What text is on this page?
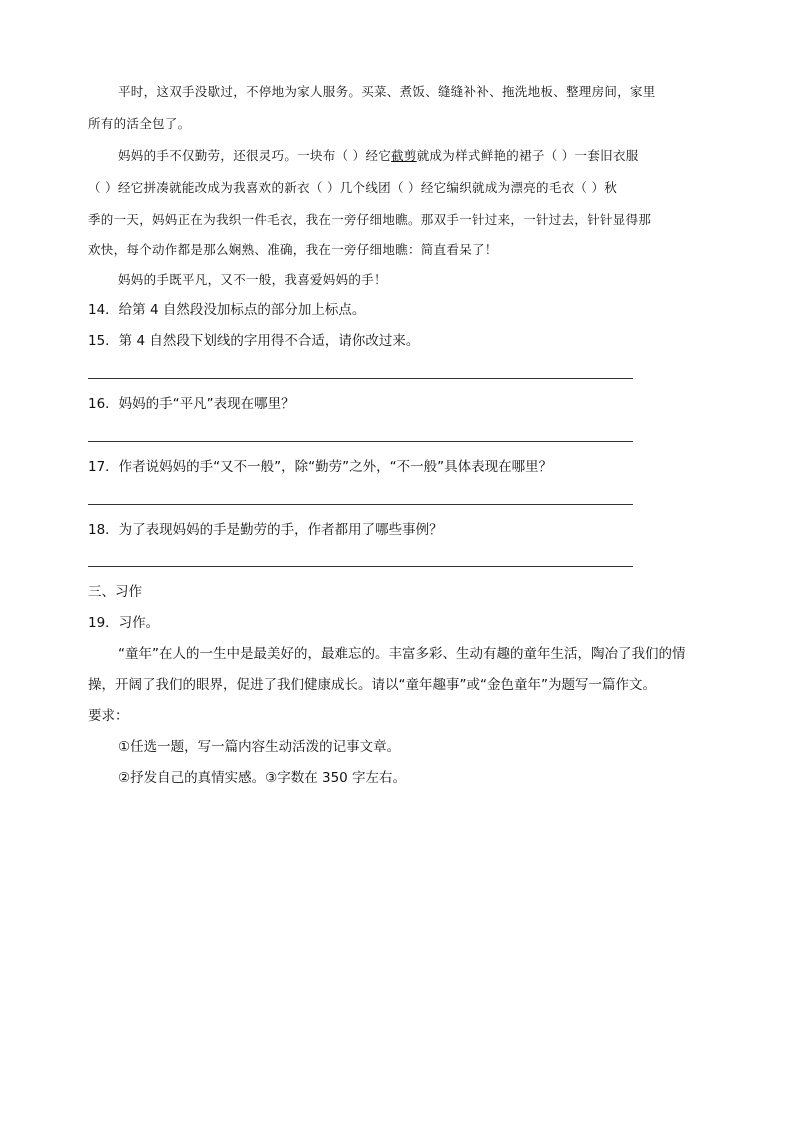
平时，这双手没歇过，不停地为家人服务。买菜、煮饭、缝缝补补、拖洗地板、整理房间，家里
所有的活全包了。
妈妈的手不仅勤劳，还很灵巧。一块布（ ）经它截剪就成为样式鲜艳的裙子（ ）一套旧衣服
（ ）经它拼凑就能改成为我喜欢的新衣（ ）几个线团（ ）经它编织就成为漂亮的毛衣（ ）秋
季的一天，妈妈正在为我织一件毛衣，我在一旁仔细地瞧。那双手一针过来，一针过去，针针显得那
欢快，每个动作都是那么娴熟、准确，我在一旁仔细地瞧：简直看呆了！
妈妈的手既平凡，又不一般，我喜爱妈妈的手！
14．给第 4 自然段没加标点的部分加上标点。
15．第 4 自然段下划线的字用得不合适，请你改过来。
16．妈妈的手“平凡”表现在哪里？
17．作者说妈妈的手“又不一般”，除“勤劳”之外，“不一般”具体表现在哪里？
18．为了表现妈妈的手是勤劳的手，作者都用了哪些事例？
三、习作
19．习作。
“童年”在人的一生中是最美好的，最难忘的。丰富多彩、生动有趣的童年生活，陶冶了我们的情
操，开阔了我们的眼界，促进了我们健康成长。请以“童年趣事”或“金色童年”为题写一篇作文。
要求：
①任选一题，写一篇内容生动活泼的记事文章。
②抒发自己的真情实感。③字数在 350 字左右。
